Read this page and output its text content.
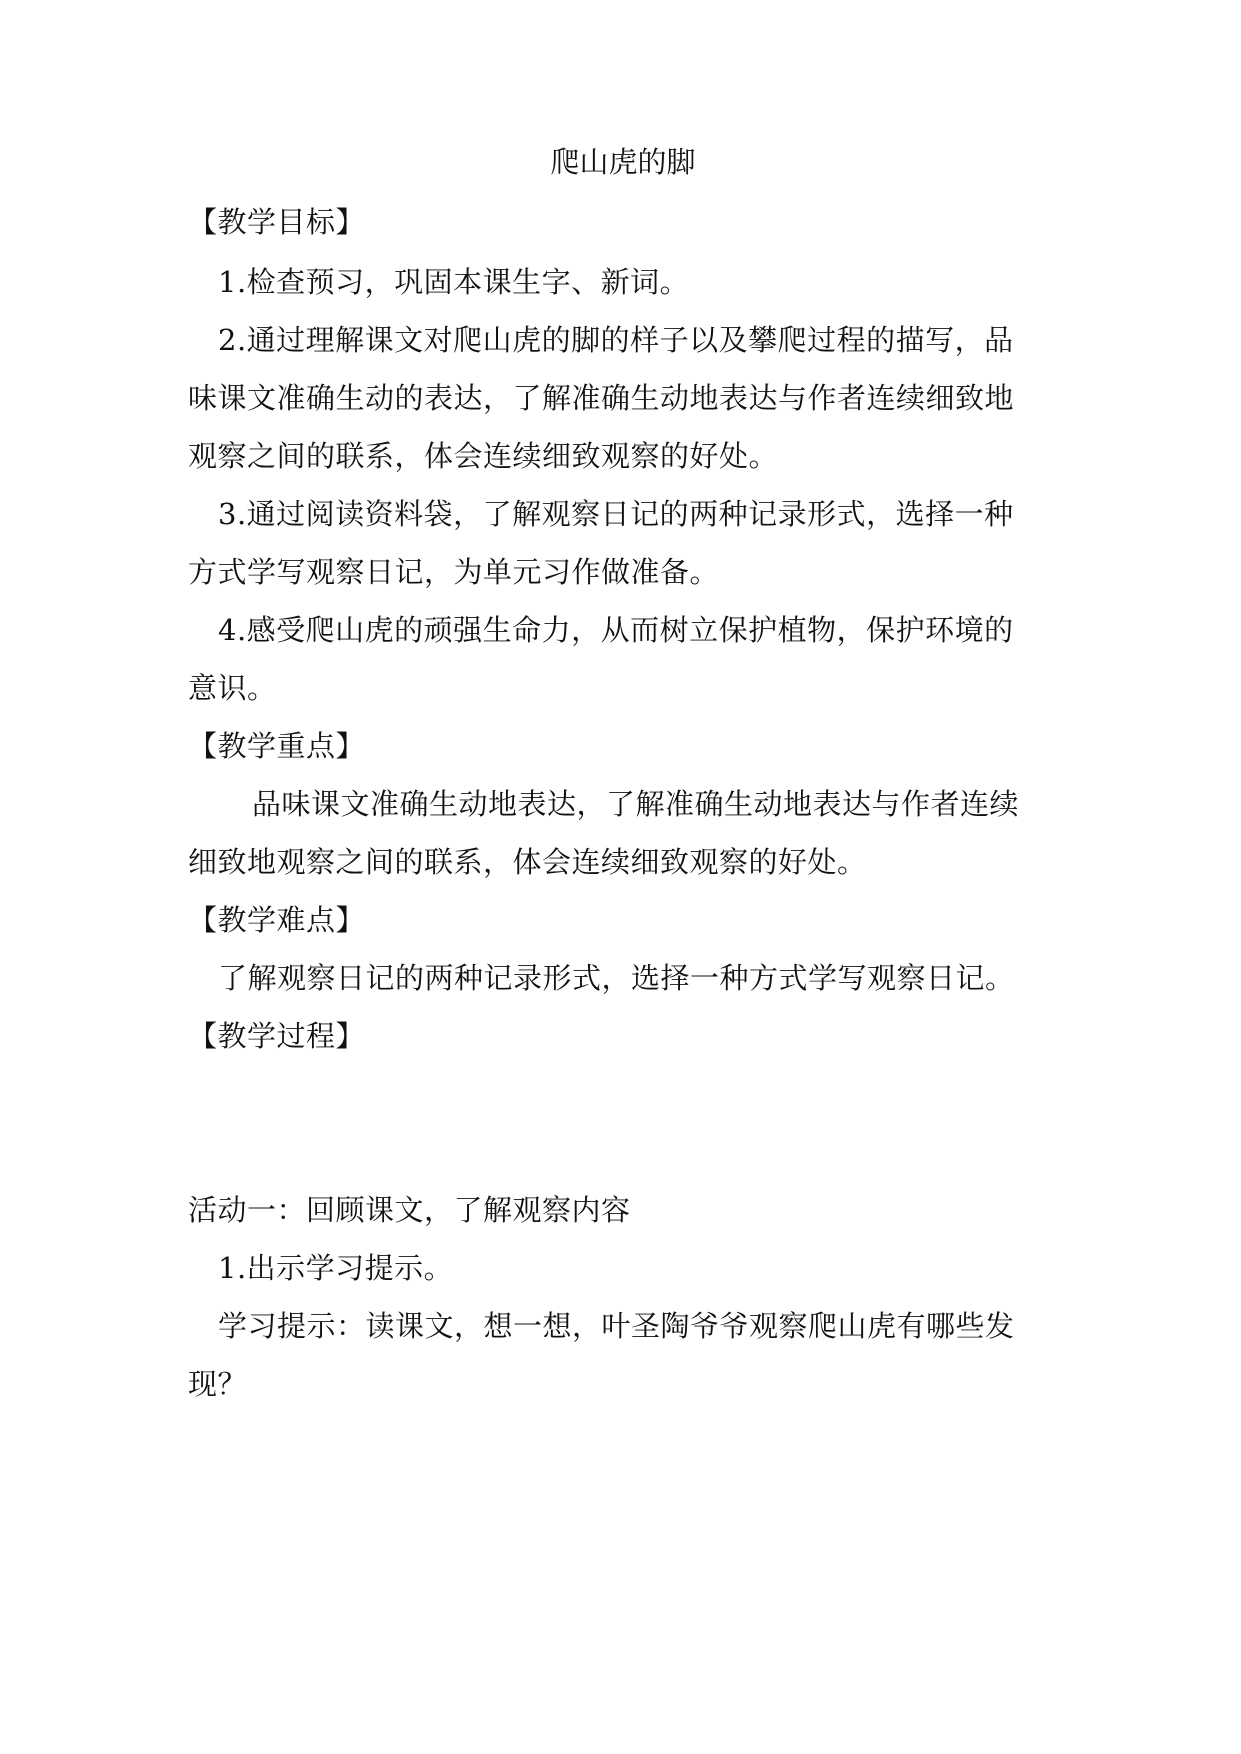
爬山虎的脚
【教学目标】
1.检查预习，巩固本课生字、新词。
2.通过理解课文对爬山虎的脚的样子以及攀爬过程的描写，品
味课文准确生动的表达，了解准确生动地表达与作者连续细致地
观察之间的联系，体会连续细致观察的好处。
3.通过阅读资料袋，了解观察日记的两种记录形式，选择一种
方式学写观察日记，为单元习作做准备。
4.感受爬山虎的顽强生命力，从而树立保护植物，保护环境的
意识。
【教学重点】
品味课文准确生动地表达，了解准确生动地表达与作者连续
细致地观察之间的联系，体会连续细致观察的好处。
【教学难点】
了解观察日记的两种记录形式，选择一种方式学写观察日记。
【教学过程】
活动一：回顾课文，了解观察内容
1.出示学习提示。
学习提示：读课文，想一想，叶圣陶爷爷观察爬山虎有哪些发
现？
